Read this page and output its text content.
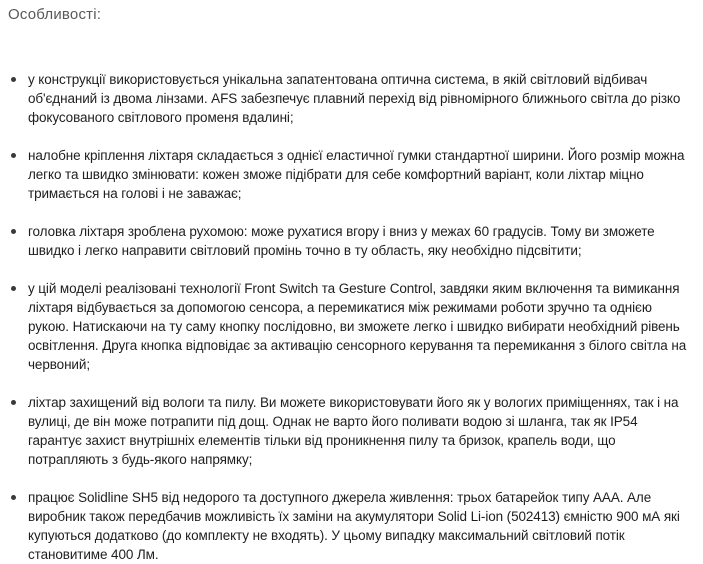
Особливості:
у конструкції використовується унікальна запатентована оптична система, в якій світловий відбивач об'єднаний із двома лінзами. AFS забезпечує плавний перехід від рівномірного ближнього світла до різко фокусованого світлового променя вдалині;
налобне кріплення ліхтаря складається з однієї еластичної гумки стандартної ширини. Його розмір можна легко та швидко змінювати: кожен зможе підібрати для себе комфортний варіант, коли ліхтар міцно тримається на голові і не заважає;
головка ліхтаря зроблена рухомою: може рухатися вгору і вниз у межах 60 градусів. Тому ви зможете швидко і легко направити світловий промінь точно в ту область, яку необхідно підсвітити;
у цій моделі реалізовані технології Front Switch та Gesture Control, завдяки яким включення та вимикання ліхтаря відбувається за допомогою сенсора, а перемикатися між режимами роботи зручно та однією рукою. Натискаючи на ту саму кнопку послідовно, ви зможете легко і швидко вибирати необхідний рівень освітлення. Друга кнопка відповідає за активацію сенсорного керування та перемикання з білого світла на червоний;
ліхтар захищений від вологи та пилу. Ви можете використовувати його як у вологих приміщеннях, так і на вулиці, де він може потрапити під дощ. Однак не варто його поливати водою зі шланга, так як IP54 гарантує захист внутрішніх елементів тільки від проникнення пилу та бризок, крапель води, що потрапляють з будь-якого напрямку;
працює Solidline SH5 від недорого та доступного джерела живлення: трьох батарейок типу AAA. Але виробник також передбачив можливість їх заміни на акумулятори Solid Li-ion (502413) ємністю 900 мА які купуються додатково (до комплекту не входять). У цьому випадку максимальний світловий потік становитиме 400 Лм.
